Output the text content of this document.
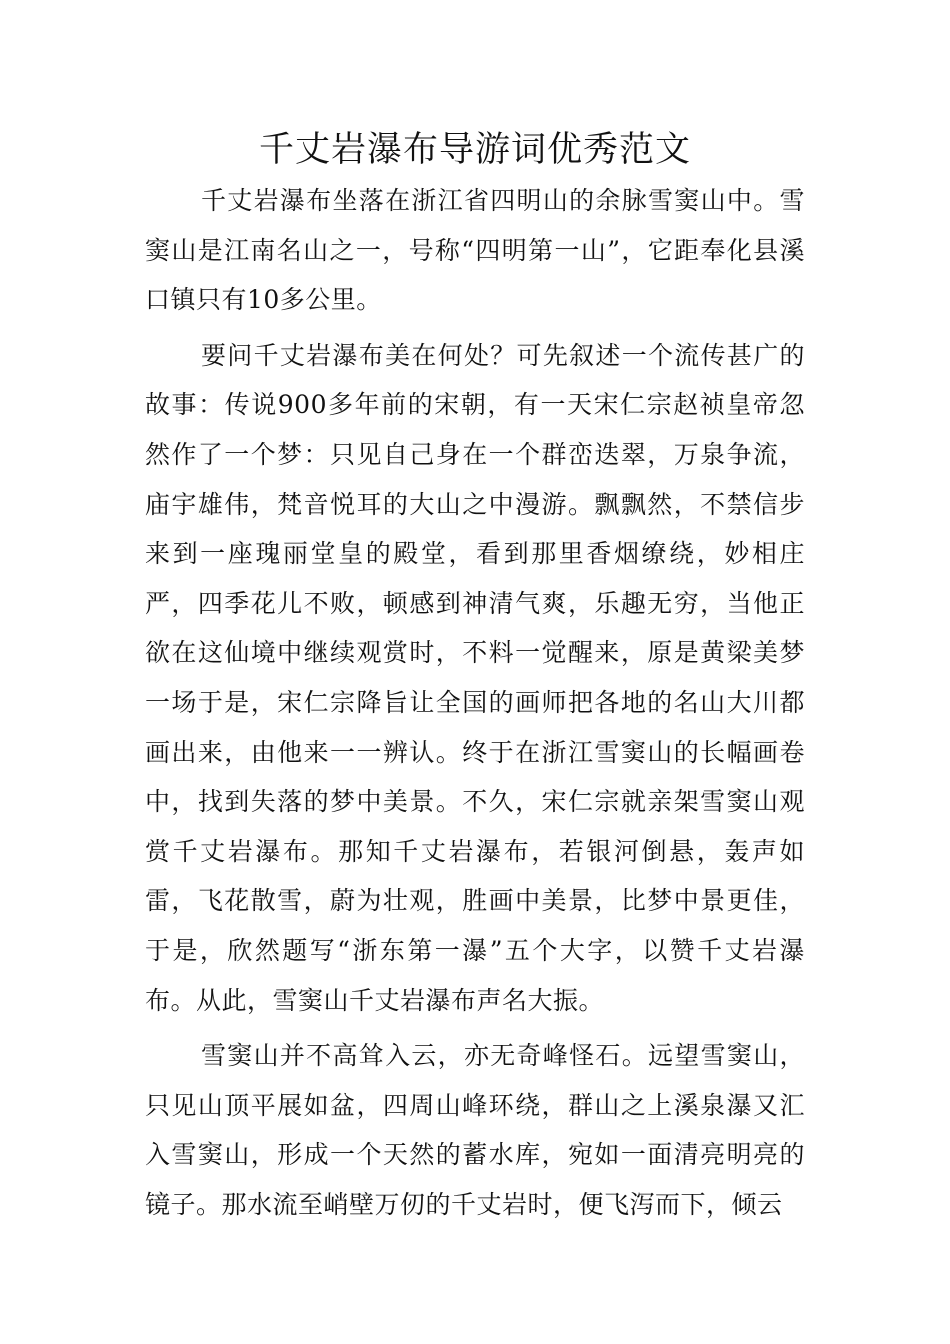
千丈岩瀑布导游词优秀范文

千丈岩瀑布坐落在浙江省四明山的余脉雪窦山中。雪窦山是江南名山之一，号称“四明第一山”，它距奉化县溪口镇只有10多公里。

要问千丈岩瀑布美在何处？可先叙述一个流传甚广的故事：传说900多年前的宋朝，有一天宋仁宗赵祯皇帝忽然作了一个梦：只见自己身在一个群峦迭翠，万泉争流，庙宇雄伟，梵音悦耳的大山之中漫游。飘飘然，不禁信步来到一座瑰丽堂皇的殿堂，看到那里香烟缭绕，妙相庄严，四季花儿不败，顿感到神清气爽，乐趣无穷，当他正欲在这仙境中继续观赏时，不料一觉醒来，原是黄梁美梦一场于是，宋仁宗降旨让全国的画师把各地的名山大川都画出来，由他来一一辨认。终于在浙江雪窦山的长幅画卷中，找到失落的梦中美景。不久，宋仁宗就亲架雪窦山观赏千丈岩瀑布。那知千丈岩瀑布，若银河倒悬，轰声如雷，飞花散雪，蔚为壮观，胜画中美景，比梦中景更佳，于是，欣然题写“浙东第一瀑”五个大字，以赞千丈岩瀑布。从此，雪窦山千丈岩瀑布声名大振。

雪窦山并不高耸入云，亦无奇峰怪石。远望雪窦山，只见山顶平展如盆，四周山峰环绕，群山之上溪泉瀑又汇入雪窦山，形成一个天然的蓄水库，宛如一面清亮明亮的镜子。那水流至峭壁万仞的千丈岩时，便飞泻而下，倾云
